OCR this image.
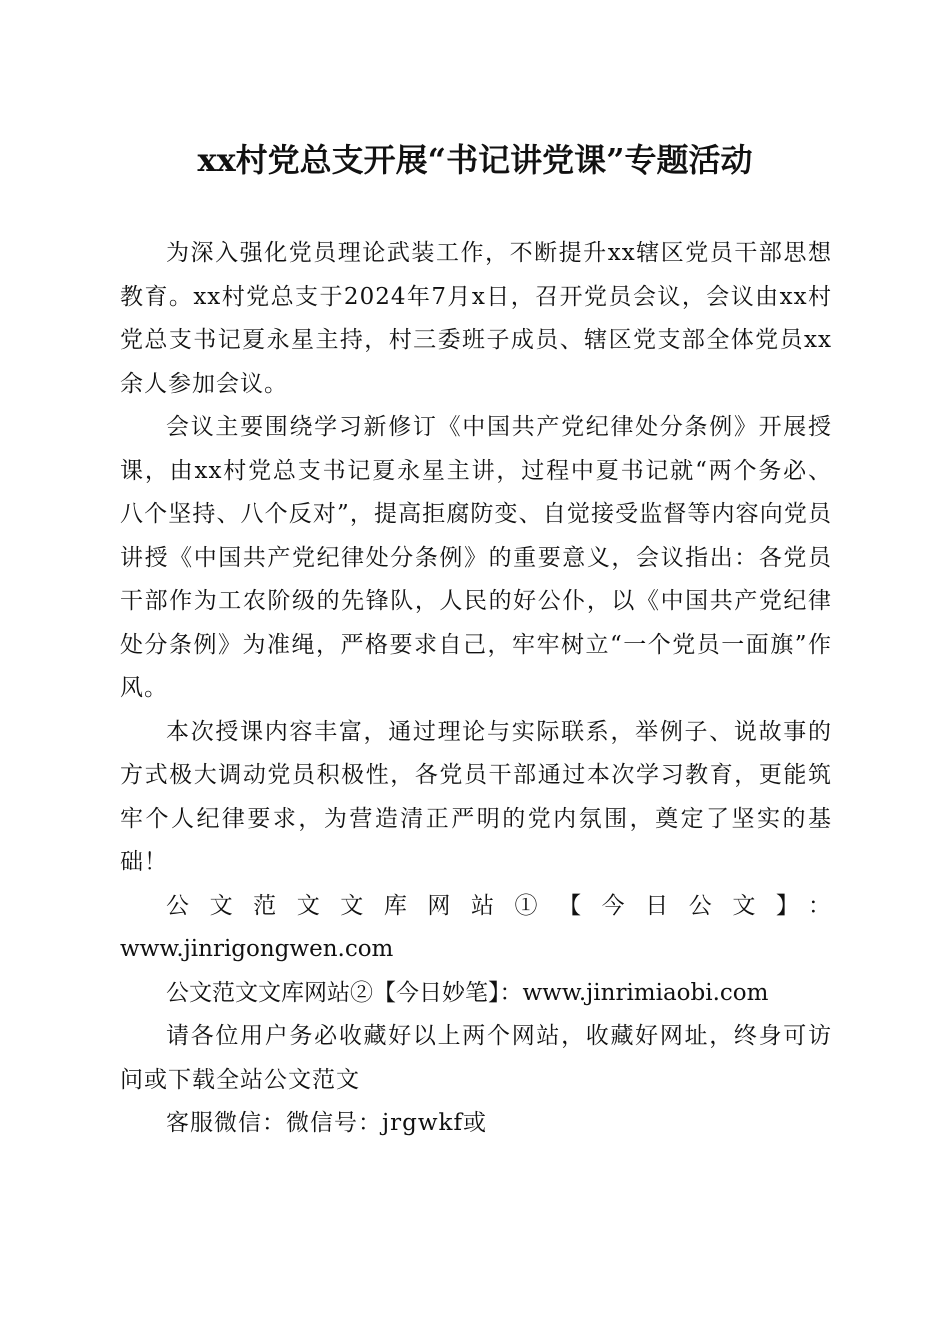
xx村党总支开展“书记讲党课”专题活动

为深入强化党员理论武装工作，不断提升xx辖区党员干部思想教育。xx村党总支于2024年7月x日，召开党员会议，会议由xx村党总支书记夏永星主持，村三委班子成员、辖区党支部全体党员xx余人参加会议。

会议主要围绕学习新修订《中国共产党纪律处分条例》开展授课，由xx村党总支书记夏永星主讲，过程中夏书记就“两个务必、八个坚持、八个反对”，提高拒腐防变、自觉接受监督等内容向党员讲授《中国共产党纪律处分条例》的重要意义，会议指出：各党员干部作为工农阶级的先锋队，人民的好公仆，以《中国共产党纪律处分条例》为准绳，严格要求自己，牢牢树立“一个党员一面旗”作风。

本次授课内容丰富，通过理论与实际联系，举例子、说故事的方式极大调动党员积极性，各党员干部通过本次学习教育，更能筑牢个人纪律要求，为营造清正严明的党内氛围，奠定了坚实的基础！

公文范文文库网站①【今日公文】：
www.jinrigongwen.com

公文范文文库网站②【今日妙笔】：www.jinrimiaobi.com

请各位用户务必收藏好以上两个网站，收藏好网址，终身可访问或下载全站公文范文

客服微信：微信号：jrgwkf或
